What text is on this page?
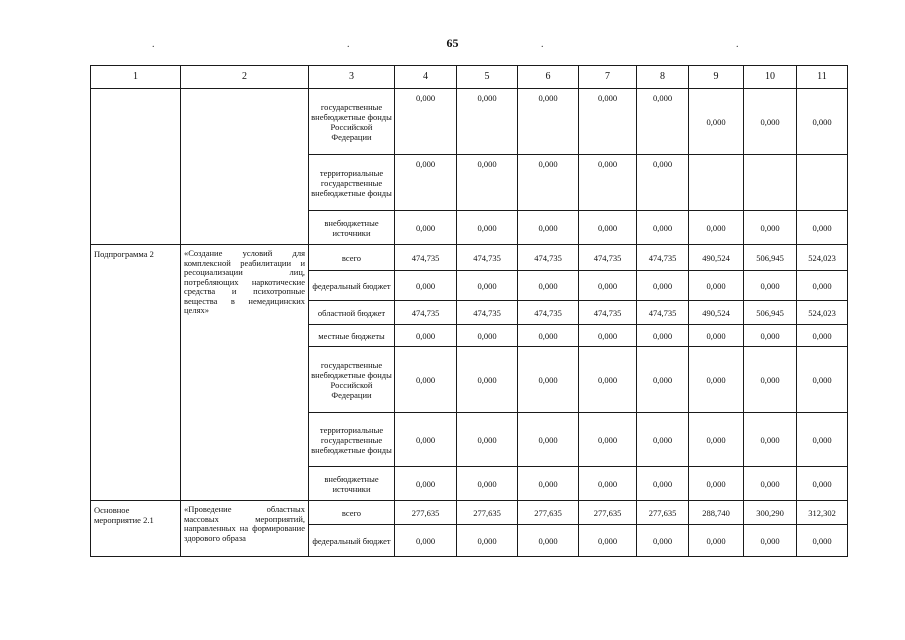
65
.	.	.	.
1	2	3	4	5	6	7	8	9	10	11
		государственные внебюджетные фонды Российской Федерации	0,000	0,000	0,000	0,000	0,000	0,000	0,000	0,000
		территориальные государственные внебюджетные фонды	0,000	0,000	0,000	0,000	0,000			
		внебюджетные источники	0,000	0,000	0,000	0,000	0,000	0,000	0,000	0,000
Подпрограмма 2	«Создание условий для комплексной реабилитации и ресоциализации лиц, потребляющих наркотические средства и психотропные вещества в немедицинских целях»	всего	474,735	474,735	474,735	474,735	474,735	490,524	506,945	524,023
		федеральный бюджет	0,000	0,000	0,000	0,000	0,000	0,000	0,000	0,000
		областной бюджет	474,735	474,735	474,735	474,735	474,735	490,524	506,945	524,023
		местные бюджеты	0,000	0,000	0,000	0,000	0,000	0,000	0,000	0,000
		государственные внебюджетные фонды Российской Федерации	0,000	0,000	0,000	0,000	0,000	0,000	0,000	0,000
		территориальные государственные внебюджетные фонды	0,000	0,000	0,000	0,000	0,000	0,000	0,000	0,000
		внебюджетные источники	0,000	0,000	0,000	0,000	0,000	0,000	0,000	0,000
Основное мероприятие 2.1	«Проведение областных массовых мероприятий, направленных на формирование здорового образа	всего	277,635	277,635	277,635	277,635	277,635	288,740	300,290	312,302
		федеральный бюджет	0,000	0,000	0,000	0,000	0,000	0,000	0,000	0,000
